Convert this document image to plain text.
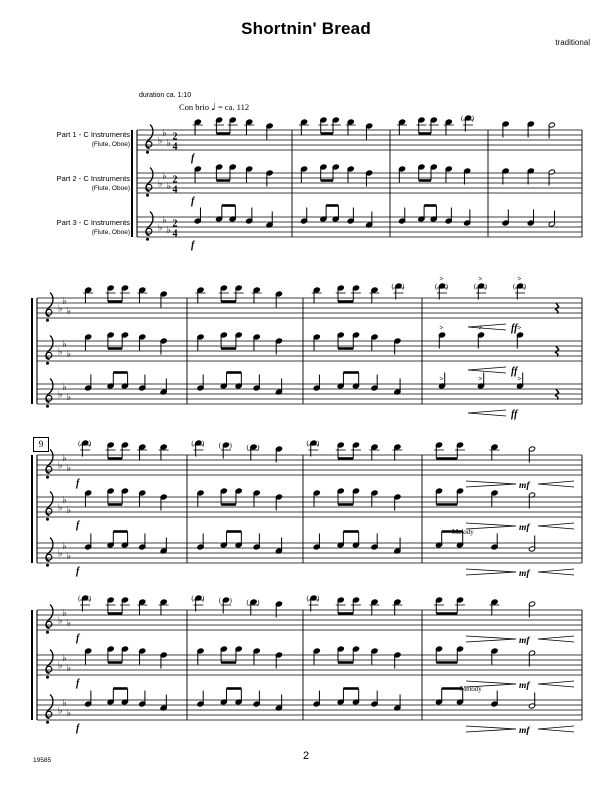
♭
♭
♭
2
4
( )
f
♭
♭
♭
2
4
f
♭
♭
♭
2
4
f
♭
♭
♭
( )	( )
>
( )
>
( )
>
ff
♭
♭
♭
>	>	>
ff
♭
♭
♭
>	>	>
ff
♭
♭
♭
( )	( ) ( ) ( )	( )
f	mf
♭
♭
♭
f	mf
♭
♭
♭
f	mf
♭
♭
♭
( )	( ) ( ) ( )	( )
f	mf
♭
♭
♭
f	mf
♭
♭
♭
f	mf
Shortnin' Bread
traditional
duration ca. 1:10
Con brio ♩ = ca. 112
Part 1 - C Instruments
(Flute, Oboe)
Part 2 - C Instruments
(Flute, Oboe)
Part 3 - C Instruments
(Flute, Oboe)
9
Melody
Melody
2
19585
